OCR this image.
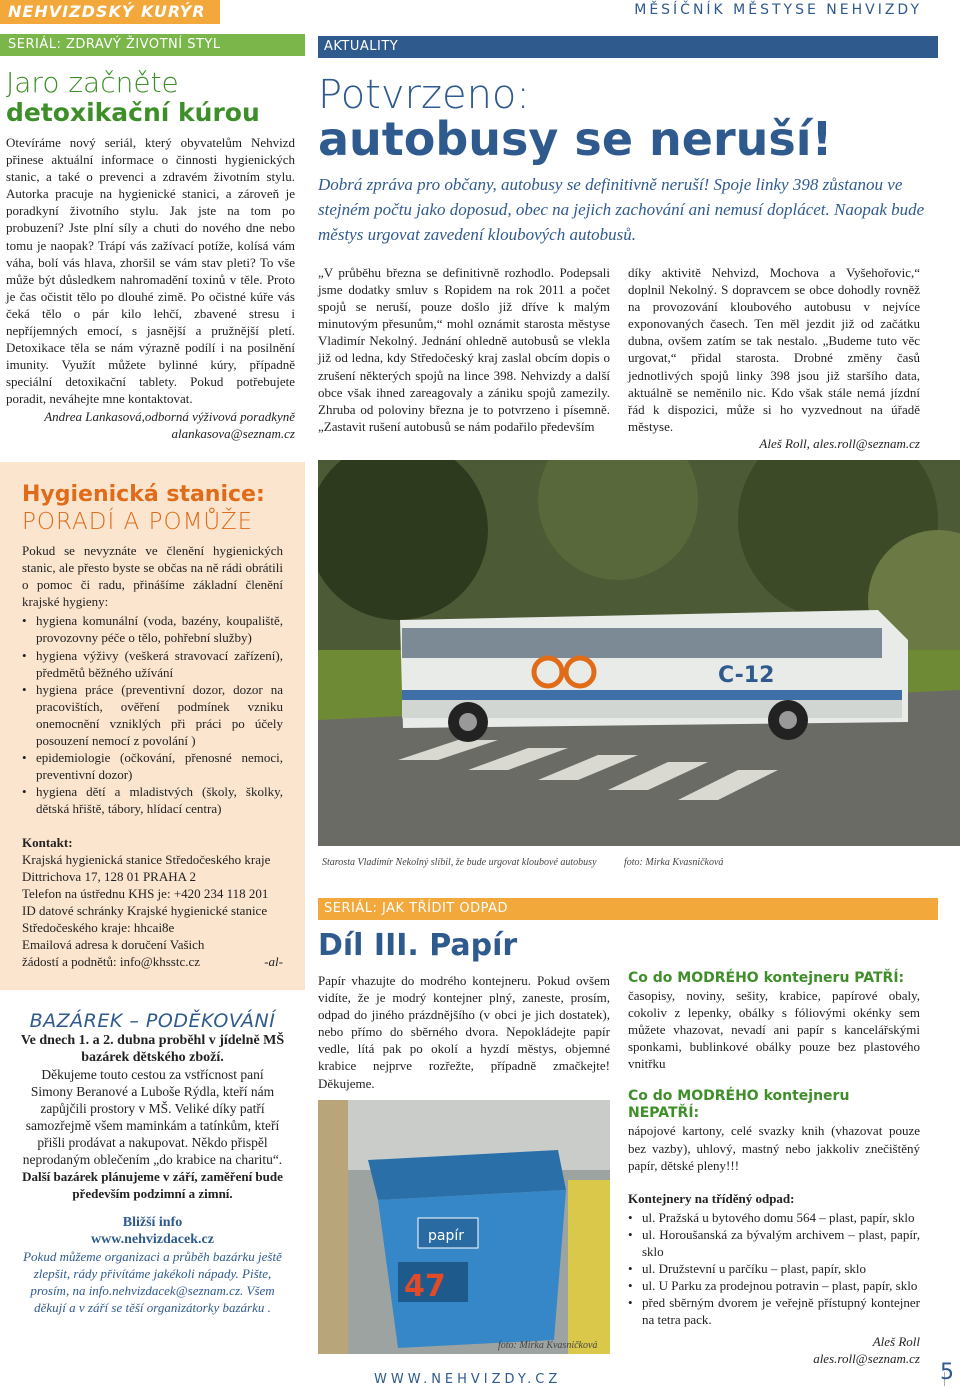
NEHVIZDSKÝ KURÝR	MĚSÍČNÍK MĚSTYSE NEHVIZDY
SERIÁL: ZDRAVÝ ŽIVOTNÍ STYL
Jaro začněte
detoxikační kúrou

Otevíráme nový seriál, který obyvatelům Nehvizd přinese aktuální informace o činnosti hygienických stanic, a také o prevenci a zdravém životním stylu. Autorka pracuje na hygienické stanici, a zároveň je poradkyní životního stylu. Jak jste na tom po probuzení? Jste plní síly a chuti do nového dne nebo tomu je naopak? Trápí vás zažívací potíže, kolísá vám váha, bolí vás hlava, zhoršil se vám stav pleti? To vše může být důsledkem nahromadění toxinů v těle. Proto je čas očistit tělo po dlouhé zimě. Po očistné kúře vás čeká tělo o pár kilo lehčí, zbavené stresu i nepříjemných emocí, s jasnější a pružnější pletí. Detoxikace těla se nám výrazně podílí i na posilnění imunity. Využít můžete bylinné kúry, případně speciální detoxikační tablety. Pokud potřebujete poradit, neváhejte mne kontaktovat.

Andrea Lankasová,odborná výživová poradkyně

alankasova@seznam.cz

Hygienická stanice:
PORADÍ A POMŮŽE

Pokud se nevyznáte ve členění hygienických stanic, ale přesto byste se občas na ně rádi obrátili o pomoc či radu, přinášíme základní členění krajské hygieny:

• hygiena komunální (voda, bazény, koupaliště, provozovny péče o tělo, pohřební služby)
• hygiena výživy (veškerá stravovací zařízení), předmětů běžného užívání
• hygiena práce (preventivní dozor, dozor na pracovištích, ověření podmínek vzniku onemocnění vzniklých při práci po účely posouzení nemocí z povolání )
• epidemiologie (očkování, přenosné nemoci, preventivní dozor)
• hygiena dětí a mladistvých (školy, školky, dětská hřiště, tábory, hlídací centra)

Kontakt:

Krajská hygienická stanice Středočeského kraje

Dittrichova 17, 128 01 PRAHA 2

Telefon na ústřednu KHS je: +420 234 118 201

ID datové schránky Krajské hygienické stanice Středočeského kraje: hhcai8e

Emailová adresa k doručení Vašich žádostí a podnětů: info@khsstc.cz	-al-
BAZÁREK – PODĚKOVÁNÍ

Ve dnech 1. a 2. dubna proběhl v jídelně MŠ bazárek dětského zboží.

Děkujeme touto cestou za vstřícnost paní Simony Beranové a Luboše Rýdla, kteří nám zapůjčili prostory v MŠ. Veliké díky patří samozřejmě všem maminkám a tatínkům, kteří přišli prodávat a nakupovat. Někdo přispěl neprodaným oblečením „do krabice na charitu“.

Další bazárek plánujeme v září, zaměření bude především podzimní a zimní.

Bližší info

www.nehvizdacek.cz

Pokud můžeme organizaci a průběh bazárku ještě zlepšit, rády přivítáme jakékoli nápady. Pište, prosím, na info.nehvizdacek@seznam.cz. Všem děkují a v září se těší organizátorky bazárku .

AKTUALITY
Potvrzeno:
autobusy se neruší!

Dobrá zpráva pro občany, autobusy se definitivně neruší! Spoje linky 398 zůstanou ve stejném počtu jako doposud, obec na jejich zachování ani nemusí doplácet. Naopak bude městys urgovat zavedení kloubových autobusů.

„V průběhu března se definitivně rozhodlo. Podepsali jsme dodatky smluv s Ropidem na rok 2011 a počet spojů se neruší, pouze došlo již dříve k malým minutovým přesunům,“ mohl oznámit starosta městyse Vladimír Nekolný. Jednání ohledně autobusů se vlekla již od ledna, kdy Středočeský kraj zaslal obcím dopis o zrušení některých spojů na lince 398. Nehvizdy a další obce však ihned zareagovaly a zániku spojů zamezily. Zhruba od poloviny března je to potvrzeno i písemně. „Zastavit rušení autobusů se nám podařilo především

díky aktivitě Nehvizd, Mochova a Vyšehořovic,“ doplnil Nekolný. S dopravcem se obce dohodly rovněž na provozování kloubového autobusu v nejvíce exponovaných časech. Ten měl jezdit již od začátku dubna, ovšem zatím se tak nestalo. „Budeme tuto věc urgovat,“ přidal starosta. Drobné změny časů jednotlivých spojů linky 398 jsou již staršího data, aktuálně se neměnilo nic. Kdo však stále nemá jízdní řád k dispozici, může si ho vyzvednout na úřadě městyse.

Aleš Roll, ales.roll@seznam.cz

C-12
Starosta Vladimír Nekolný slíbil, že bude urgovat kloubové autobusy	foto: Mirka Kvasničková
SERIÁL: JAK TŘÍDIT ODPAD
Díl III. Papír

Papír vhazujte do modrého kontejneru. Pokud ovšem vidíte, že je modrý kontejner plný, zaneste, prosím, odpad do jiného prázdnějšího (v obci je jich dostatek), nebo přímo do sběrného dvora. Nepokládejte papír vedle, lítá pak po okolí a hyzdí městys, objemné krabice nejprve rozřežte, případně zmačkejte! Děkujeme.

papír
47
foto: Mirka Kvasničková
Co do MODRÉHO kontejneru PATŘÍ:

časopisy, noviny, sešity, krabice, papírové obaly, cokoliv z lepenky, obálky s fóliovými okénky sem můžete vhazovat, nevadí ani papír s kancelářskými sponkami, bublinkové obálky pouze bez plastového vnitřku

Co do MODRÉHO kontejneru NEPATŘÍ:

nápojové kartony, celé svazky knih (vhazovat pouze bez vazby), uhlový, mastný nebo jakkoliv znečištěný papír, dětské pleny!!!

Kontejnery na tříděný odpad:

• ul. Pražská u bytového domu 564 – plast, papír, sklo
• ul. Horoušanská za bývalým archivem – plast, papír, sklo
• ul. Družstevní u parčíku – plast, papír, sklo
• ul. U Parku za prodejnou potravin – plast, papír, sklo
• před sběrným dvorem je veřejně přístupný kontejner na tetra pack.

Aleš Roll

ales.roll@seznam.cz

WWW.NEHVIZDY.CZ	5
